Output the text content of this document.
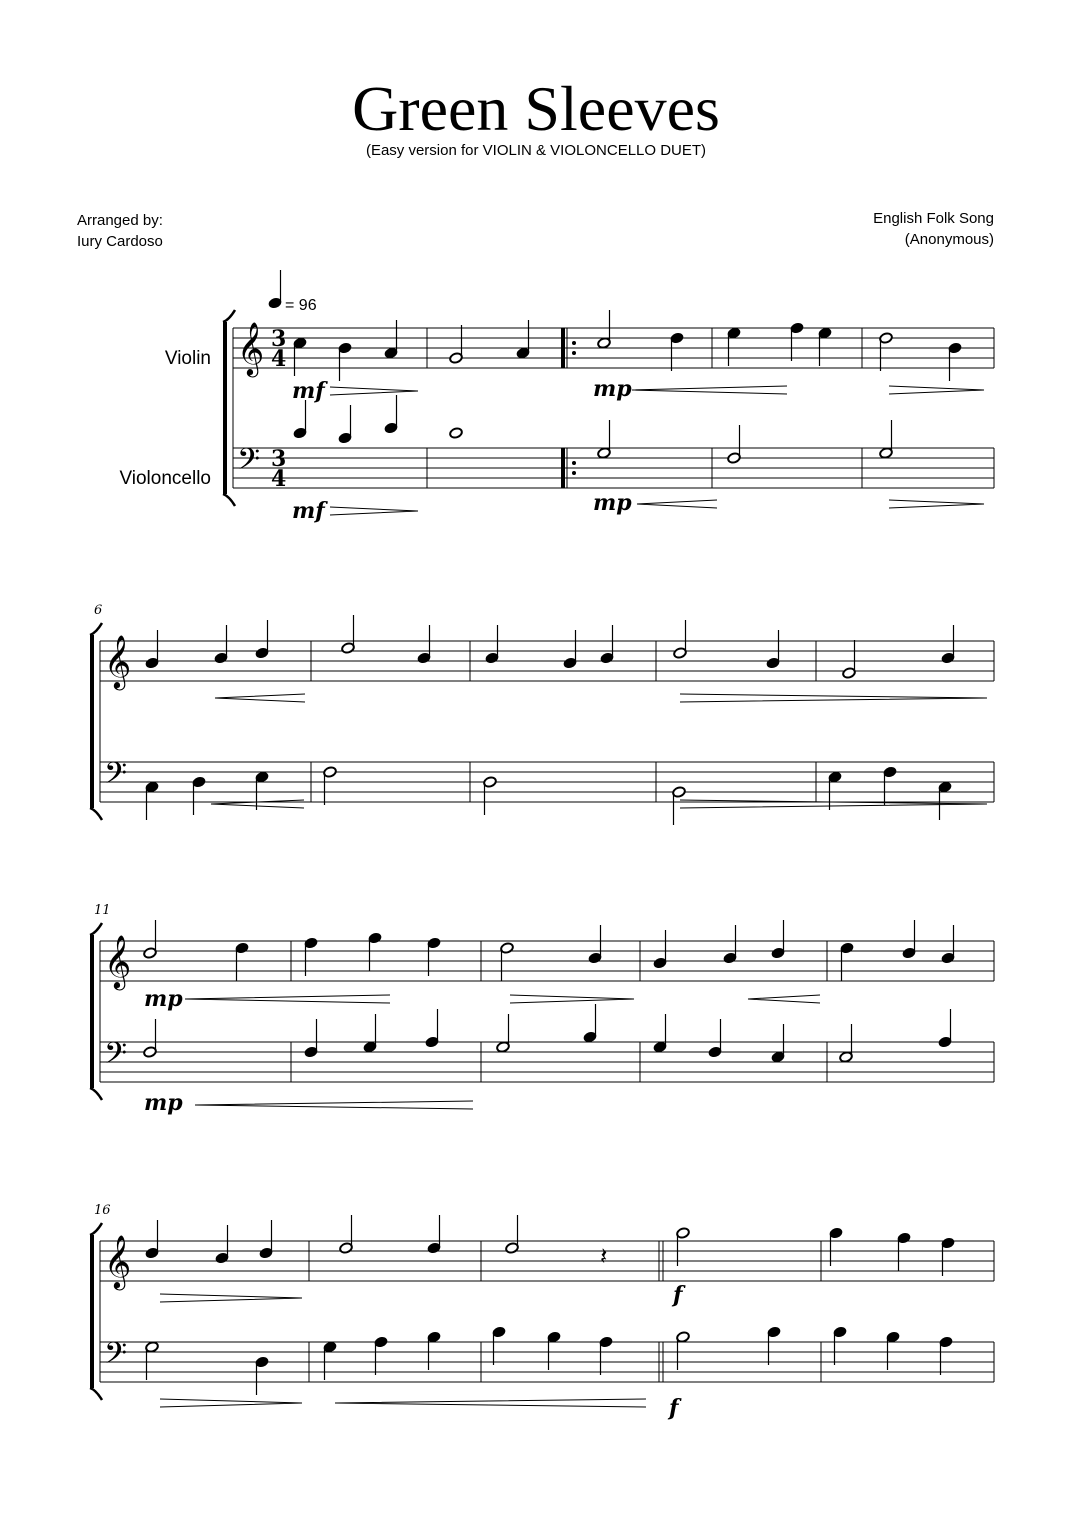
Green Sleeves
(Easy version for VIOLIN & VIOLONCELLO DUET)
Arranged by:
Iury Cardoso
English Folk Song
(Anonymous)
𝄞
𝄢
3
4
3
4
𝄞
𝄢
6
𝄞
𝄢
11
𝄞
𝄢
16
Violin
Violoncello
= 96
mf
mf
mp
mp
mp
mp
𝄽
f
f
